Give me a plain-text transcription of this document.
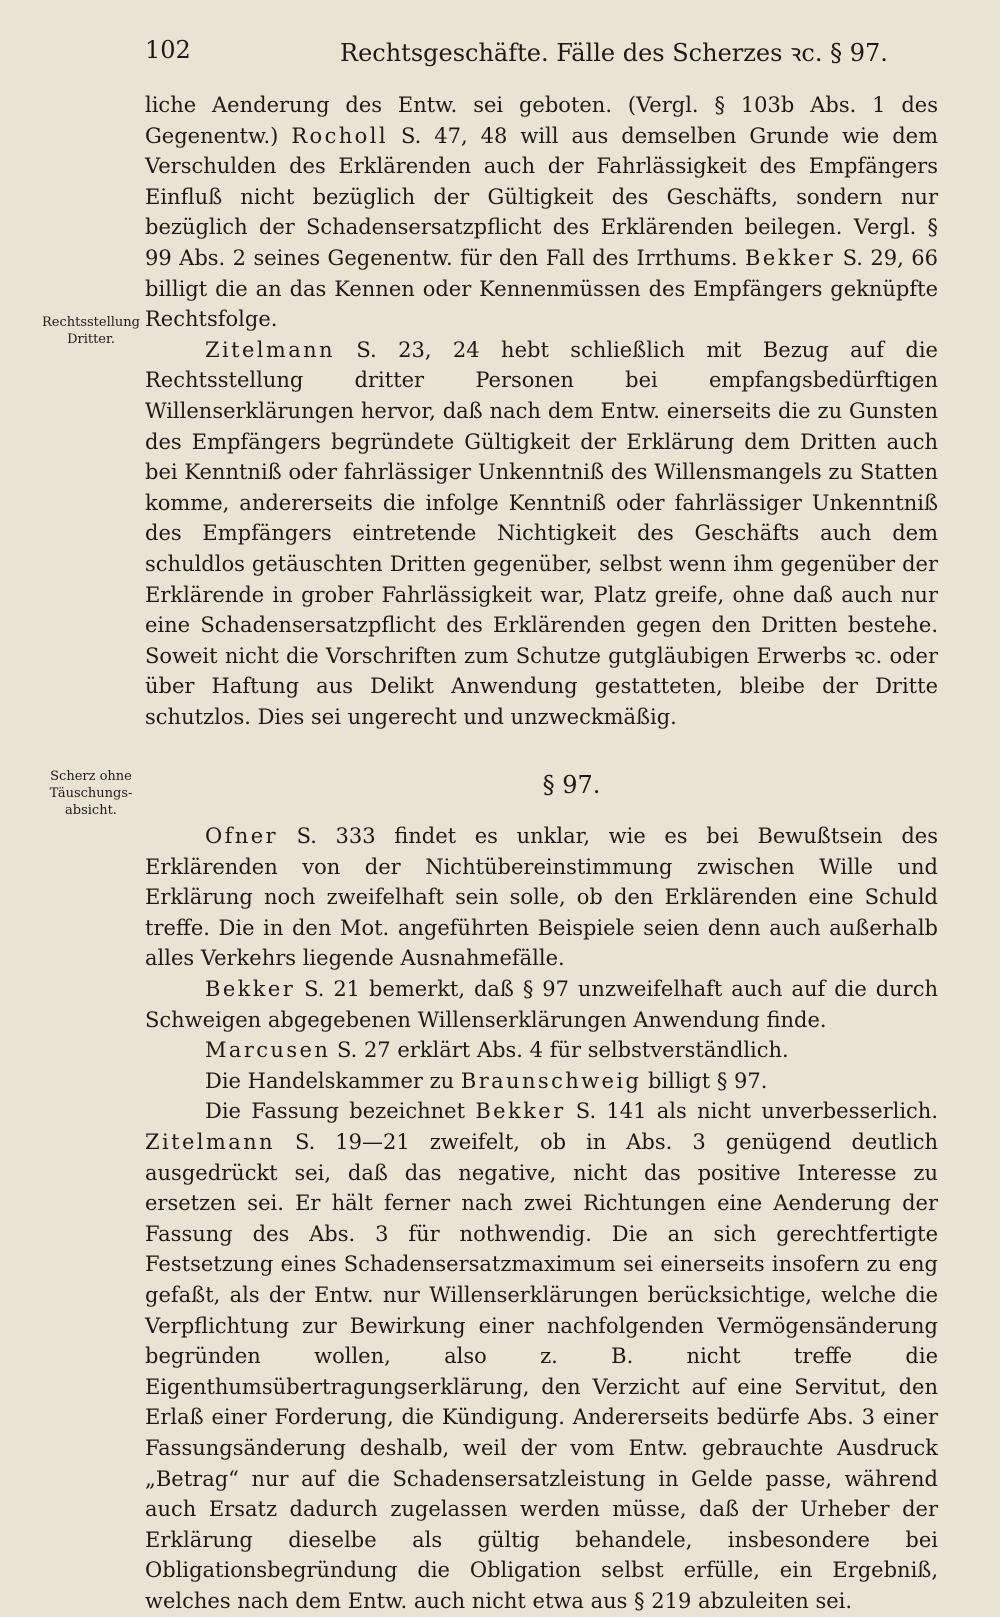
102	Rechtsgeschäfte. Fälle des Scherzes ꝛc. § 97.
Rechtsstellung Dritter.
Scherz ohne Täuschungs-absicht.

liche Aenderung des Entw. sei geboten. (Vergl. § 103b Abs. 1 des Gegenentw.) Rocholl S. 47, 48 will aus demselben Grunde wie dem Verschulden des Erklärenden auch der Fahrlässigkeit des Empfängers Einfluß nicht bezüglich der Gültigkeit des Geschäfts, sondern nur bezüglich der Schadensersatzpflicht des Erklärenden beilegen. Vergl. § 99 Abs. 2 seines Gegenentw. für den Fall des Irrthums. Bekker S. 29, 66 billigt die an das Kennen oder Kennenmüssen des Empfängers geknüpfte Rechtsfolge.

Zitelmann S. 23, 24 hebt schließlich mit Bezug auf die Rechtsstellung dritter Personen bei empfangsbedürftigen Willenserklärungen hervor, daß nach dem Entw. einerseits die zu Gunsten des Empfängers begründete Gültigkeit der Erklärung dem Dritten auch bei Kenntniß oder fahrlässiger Unkenntniß des Willensmangels zu Statten komme, andererseits die infolge Kenntniß oder fahrlässiger Unkenntniß des Empfängers eintretende Nichtigkeit des Geschäfts auch dem schuldlos getäuschten Dritten gegenüber, selbst wenn ihm gegenüber der Erklärende in grober Fahrlässigkeit war, Platz greife, ohne daß auch nur eine Schadensersatzpflicht des Erklärenden gegen den Dritten bestehe. Soweit nicht die Vorschriften zum Schutze gutgläubigen Erwerbs ꝛc. oder über Haftung aus Delikt Anwendung gestatteten, bleibe der Dritte schutzlos. Dies sei ungerecht und unzweckmäßig.

§ 97.

Ofner S. 333 findet es unklar, wie es bei Bewußtsein des Erklärenden von der Nichtübereinstimmung zwischen Wille und Erklärung noch zweifelhaft sein solle, ob den Erklärenden eine Schuld treffe. Die in den Mot. angeführten Beispiele seien denn auch außerhalb alles Verkehrs liegende Ausnahmefälle.

Bekker S. 21 bemerkt, daß § 97 unzweifelhaft auch auf die durch Schweigen abgegebenen Willenserklärungen Anwendung finde.

Marcusen S. 27 erklärt Abs. 4 für selbstverständlich.

Die Handelskammer zu Braunschweig billigt § 97.

Die Fassung bezeichnet Bekker S. 141 als nicht unverbesserlich. Zitelmann S. 19—21 zweifelt, ob in Abs. 3 genügend deutlich ausgedrückt sei, daß das negative, nicht das positive Interesse zu ersetzen sei. Er hält ferner nach zwei Richtungen eine Aenderung der Fassung des Abs. 3 für nothwendig. Die an sich gerechtfertigte Festsetzung eines Schadensersatzmaximum sei einerseits insofern zu eng gefaßt, als der Entw. nur Willenserklärungen berücksichtige, welche die Verpflichtung zur Bewirkung einer nachfolgenden Vermögensänderung begründen wollen, also z. B. nicht treffe die Eigenthumsübertragungserklärung, den Verzicht auf eine Servitut, den Erlaß einer Forderung, die Kündigung. Andererseits bedürfe Abs. 3 einer Fassungsänderung deshalb, weil der vom Entw. gebrauchte Ausdruck „Betrag“ nur auf die Schadensersatzleistung in Gelde passe, während auch Ersatz dadurch zugelassen werden müsse, daß der Urheber der Erklärung dieselbe als gültig behandele, insbesondere bei Obligationsbegründung die Obligation selbst erfülle, ein Ergebniß, welches nach dem Entw. auch nicht etwa aus § 219 abzuleiten sei.
